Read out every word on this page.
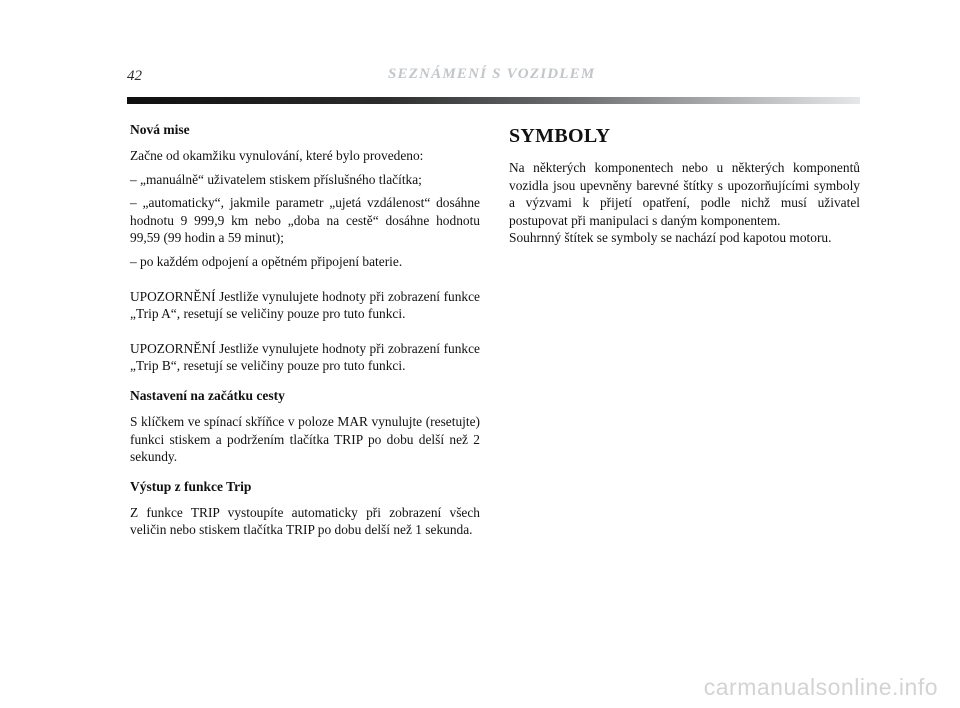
42	SEZNÁMENÍ S VOZIDLEM
Nová mise

Začne od okamžiku vynulování, které bylo provedeno:

– „manuálně“ uživatelem stiskem příslušného tlačítka;

– „automaticky“, jakmile parametr „ujetá vzdálenost“ dosáhne hodnotu 9 999,9 km nebo „doba na cestě“ dosáhne hodnotu 99,59 (99 hodin a 59 minut);

– po každém odpojení a opětném připojení baterie.

UPOZORNĚNÍ Jestliže vynulujete hodnoty při zobrazení funkce „Trip A“, resetují se veličiny pouze pro tuto funkci.

UPOZORNĚNÍ Jestliže vynulujete hodnoty při zobrazení funkce „Trip B“, resetují se veličiny pouze pro tuto funkci.

Nastavení na začátku cesty

S klíčkem ve spínací skříňce v poloze MAR vynulujte (resetujte) funkci stiskem a podržením tlačítka TRIP po dobu delší než 2 sekundy.

Výstup z funkce Trip

Z funkce TRIP vystoupíte automaticky při zobrazení všech veličin nebo stiskem tlačítka TRIP po dobu delší než 1 sekunda.

SYMBOLY

Na některých komponentech nebo u některých komponentů vozidla jsou upevněny barevné štítky s upozorňujícími symboly a výzvami k přijetí opatření, podle nichž musí uživatel postupovat při manipulaci s daným komponentem.

Souhrnný štítek se symboly se nachází pod kapotou motoru.

carmanualsonline.info
